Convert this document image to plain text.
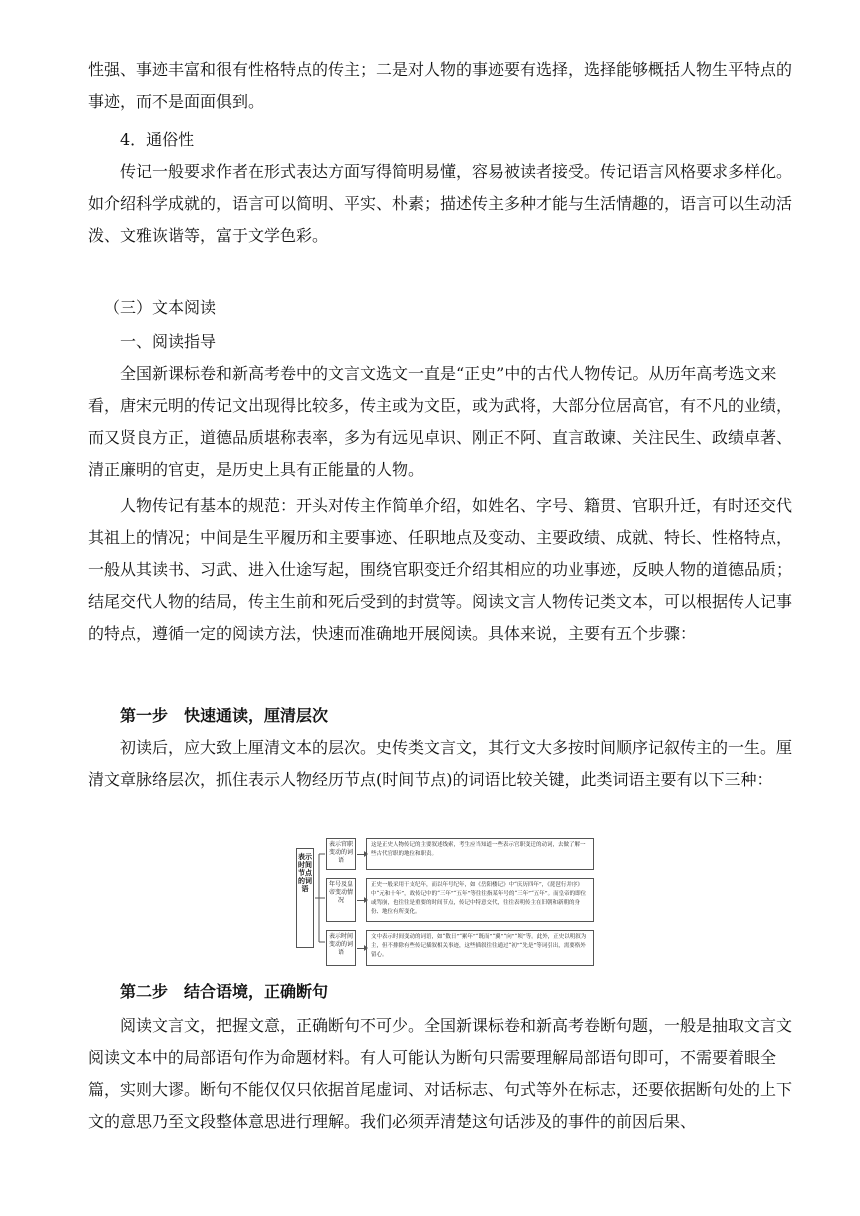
性强、事迹丰富和很有性格特点的传主；二是对人物的事迹要有选择，选择能够概括人物生平特点的事迹，而不是面面俱到。

4．通俗性

传记一般要求作者在形式表达方面写得简明易懂，容易被读者接受。传记语言风格要求多样化。如介绍科学成就的，语言可以简明、平实、朴素；描述传主多种才能与生活情趣的，语言可以生动活泼、文雅诙谐等，富于文学色彩。

（三）文本阅读

一、阅读指导

全国新课标卷和新高考卷中的文言文选文一直是“正史”中的古代人物传记。从历年高考选文来看，唐宋元明的传记文出现得比较多，传主或为文臣，或为武将，大部分位居高官，有不凡的业绩，而又贤良方正，道德品质堪称表率，多为有远见卓识、刚正不阿、直言敢谏、关注民生、政绩卓著、清正廉明的官吏，是历史上具有正能量的人物。

人物传记有基本的规范：开头对传主作简单介绍，如姓名、字号、籍贯、官职升迁，有时还交代其祖上的情况；中间是生平履历和主要事迹、任职地点及变动、主要政绩、成就、特长、性格特点，一般从其读书、习武、进入仕途写起，围绕官职变迁介绍其相应的功业事迹，反映人物的道德品质；结尾交代人物的结局，传主生前和死后受到的封赏等。阅读文言人物传记类文本，可以根据传人记事的特点，遵循一定的阅读方法，快速而准确地开展阅读。具体来说，主要有五个步骤：

第一步　快速通读，厘清层次

初读后，应大致上厘清文本的层次。史传类文言文，其行文大多按时间顺序记叙传主的一生。厘清文章脉络层次，抓住表示人物经历节点(时间节点)的词语比较关键，此类词语主要有以下三种：

表示时间节点的词语
表示官职变动的词语
这是正史人物传记的主要叙述线索，考生应当知道一些表示官职变迁的动词，去做了解一些古代官职的地位和职责。
年号及皇帝变动情况
正史一般采用干支纪年，而以年号纪年，如《岳阳楼记》中“庆历四年”，《琵琶行并序》中“元和十年”，故传记中的“三年”“五年”等往往指某年号的“三年”“五年”。而皇帝的即位或驾崩，也往往是重要的时间节点，传记中特意交代，往往表明传主在旧朝和新朝的身份、地位有所变化。
表示时间变动的词语
文中表示时间变动的词语，如“数日”“累年”“既而”“翼”“向”“顷”等。此外，正史以明叙为主，但不排除有些传记插叙相关事迹，这些插叙往往通过“初”“先是”等词引出，需要格外留心。

第二步　结合语境，正确断句

阅读文言文，把握文意，正确断句不可少。全国新课标卷和新高考卷断句题，一般是抽取文言文阅读文本中的局部语句作为命题材料。有人可能认为断句只需要理解局部语句即可，不需要着眼全篇，实则大谬。断句不能仅仅只依据首尾虚词、对话标志、句式等外在标志，还要依据断句处的上下文的意思乃至文段整体意思进行理解。我们必须弄清楚这句话涉及的事件的前因后果、
